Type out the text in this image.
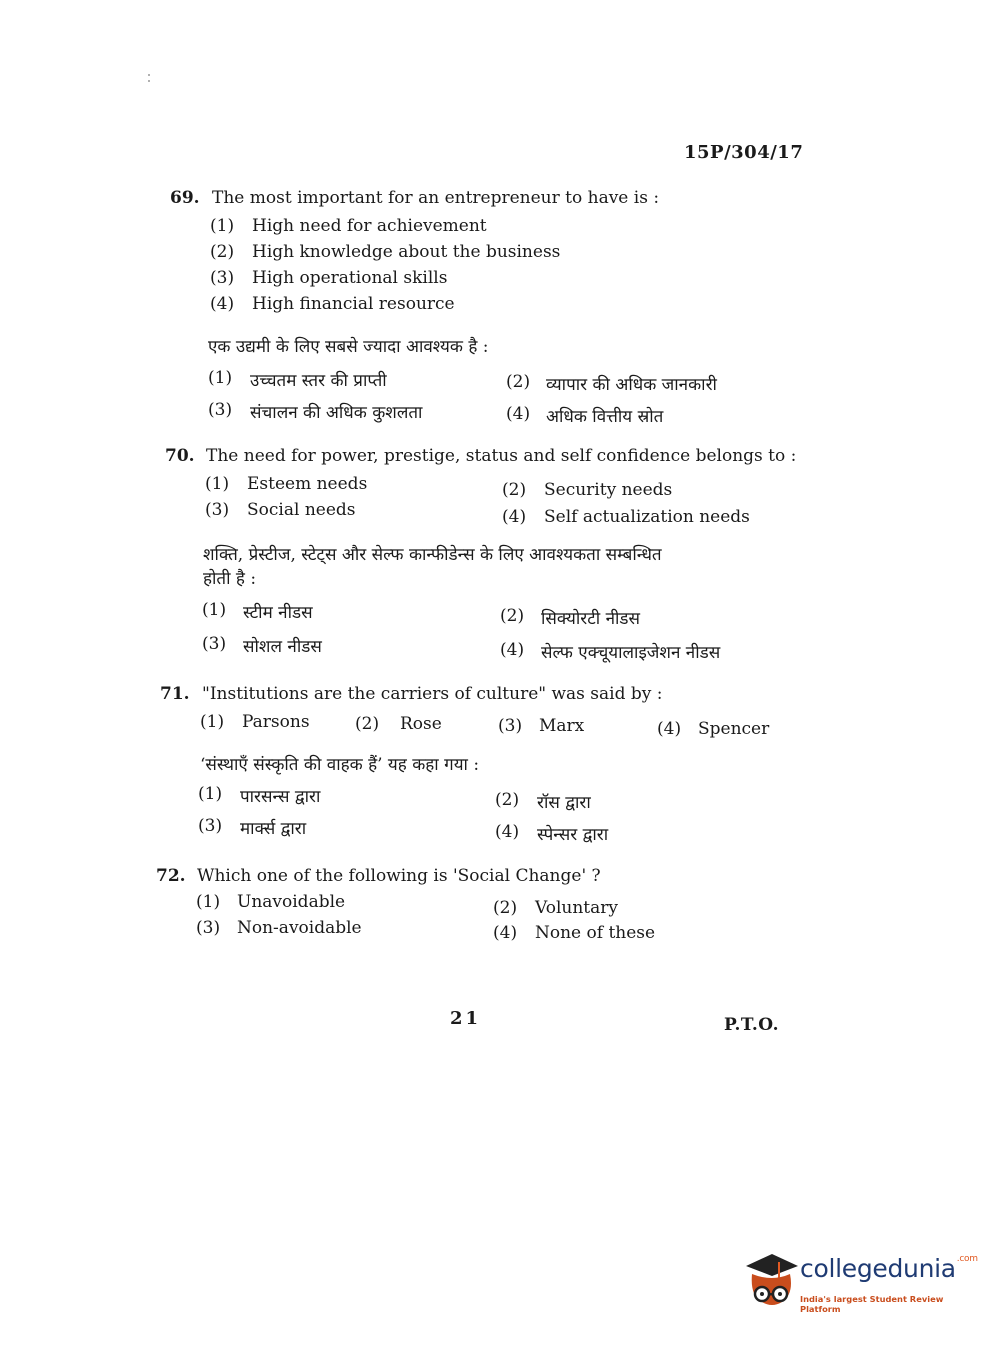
15P/304/17
69. The most important for an entrepreneur to have is :
(1) High need for achievement
(2) High knowledge about the business
(3) High operational skills
(4) High financial resource
एक उद्यमी के लिए सबसे ज्यादा आवश्यक है :
(1) उच्चतम स्तर की प्राप्ती	(2) व्यापार की अधिक जानकारी
(3) संचालन की अधिक कुशलता	(4) अधिक वित्तीय स्रोत
70. The need for power, prestige, status and self confidence belongs to :
(1) Esteem needs	(2) Security needs
(3) Social needs	(4) Self actualization needs
शक्ति, प्रेस्टीज, स्टेट्स और सेल्फ कान्फीडेन्स के लिए आवश्यकता सम्बन्धित
होती है :
(1) स्टीम नीडस	(2) सिक्योरटी नीडस
(3) सोशल नीडस	(4) सेल्फ एक्चूयालाइजेशन नीडस
71. "Institutions are the carriers of culture" was said by :
(1) Parsons	(2) Rose	(3) Marx	(4) Spencer
‘संस्थाएँ संस्कृति की वाहक हैं’ यह कहा गया :
(1) पारसन्स द्वारा	(2) रॉस द्वारा
(3) मार्क्स द्वारा	(4) स्पेन्सर द्वारा
72. Which one of the following is 'Social Change' ?
(1) Unavoidable	(2) Voluntary
(3) Non-avoidable	(4) None of these
21	P.T.O.
collegedunia$^{.com}$
India's largest Student Review Platform
